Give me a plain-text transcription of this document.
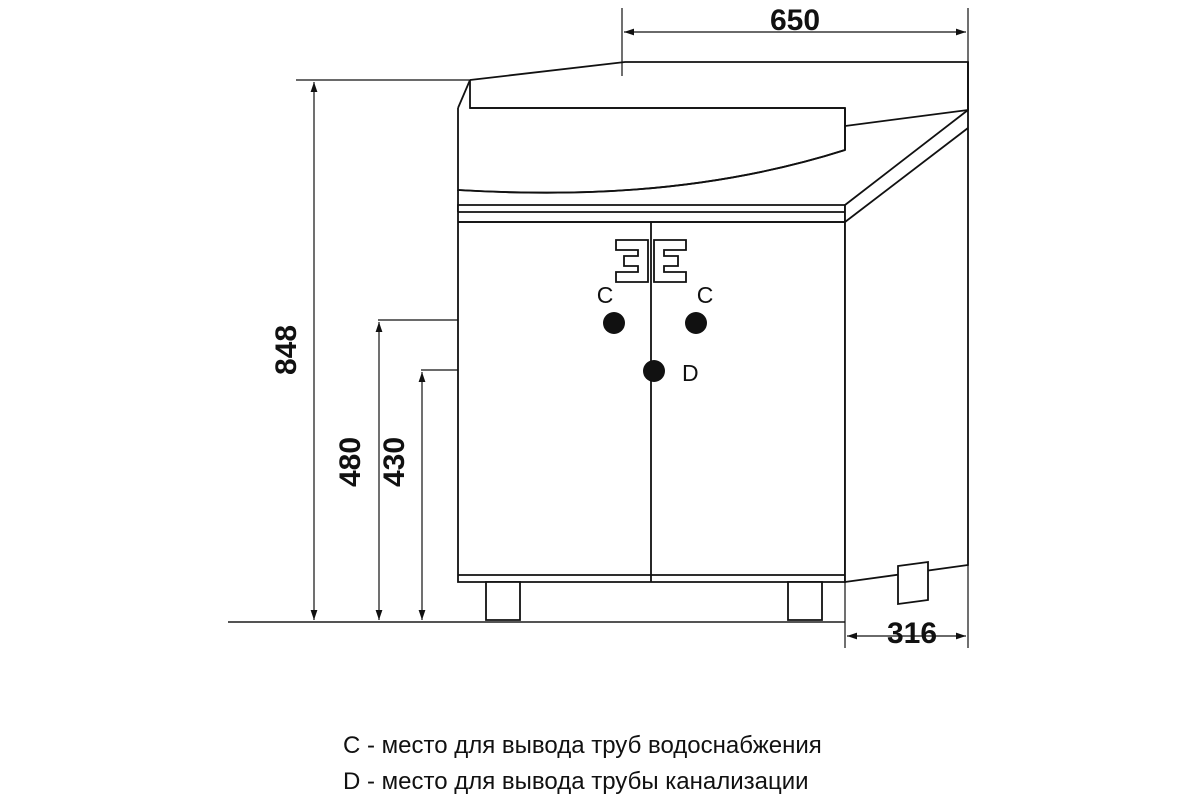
650
848
480 430
316
C	C
D
C - место для вывода труб водоснабжения
D - место для вывода трубы канализации
